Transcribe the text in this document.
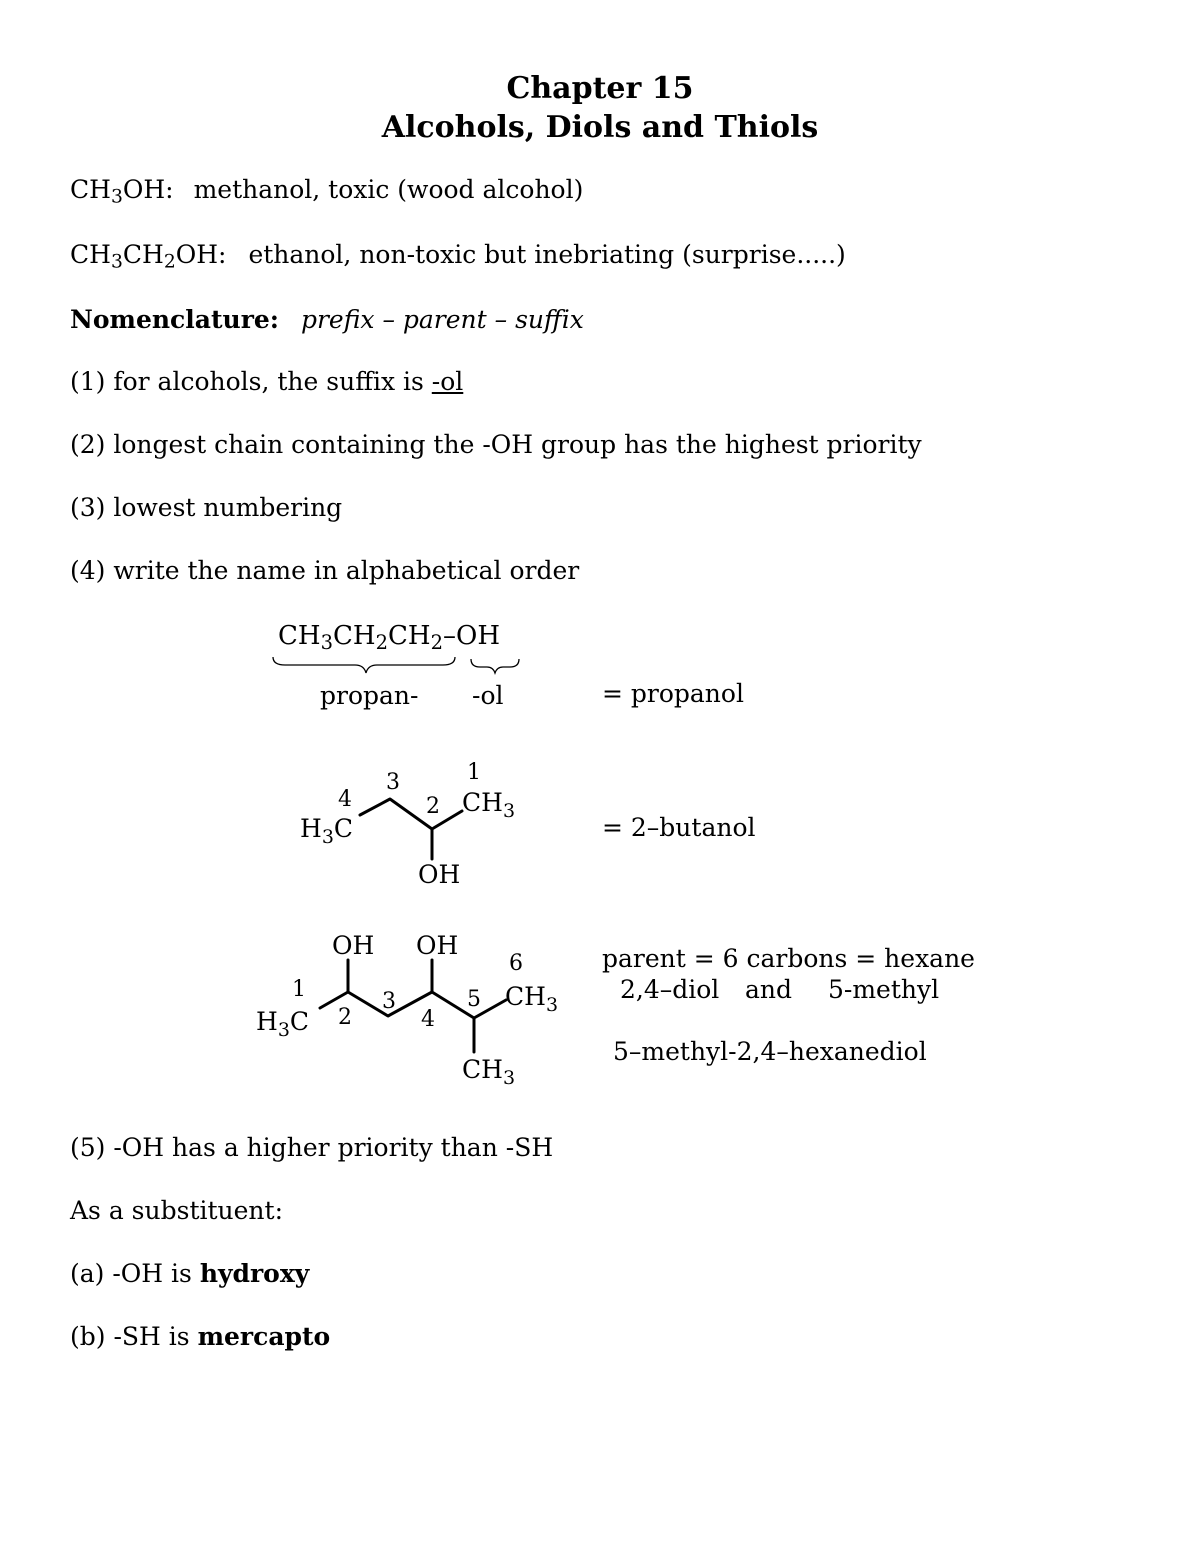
Chapter 15
Alcohols, Diols and Thiols
$CH_3OH$: methanol, toxic (wood alcohol)
$CH_3CH_2OH$: ethanol, non-toxic but inebriating (surprise.....)
Nomenclature: prefix – parent – suffix
(1) for alcohols, the suffix is -ol
(2) longest chain containing the -OH group has the highest priority
(3) lowest numbering
(4) write the name in alphabetical order
$CH_3CH_2CH_2-OH$
propan- -ol	= propanol
$H_3C$
$CH_3$
OH
1
2
3
4
= 2–butanol
OH OH
$H_3C$
$CH_3$
$CH_3$
1
2
3
4
5
6	parent = 6 carbons = hexane
2,4–diol and 5-methyl
5–methyl-2,4–hexanediol
(5) -OH has a higher priority than -SH
As a substituent:
(a) -OH is hydroxy
(b) -SH is mercapto
